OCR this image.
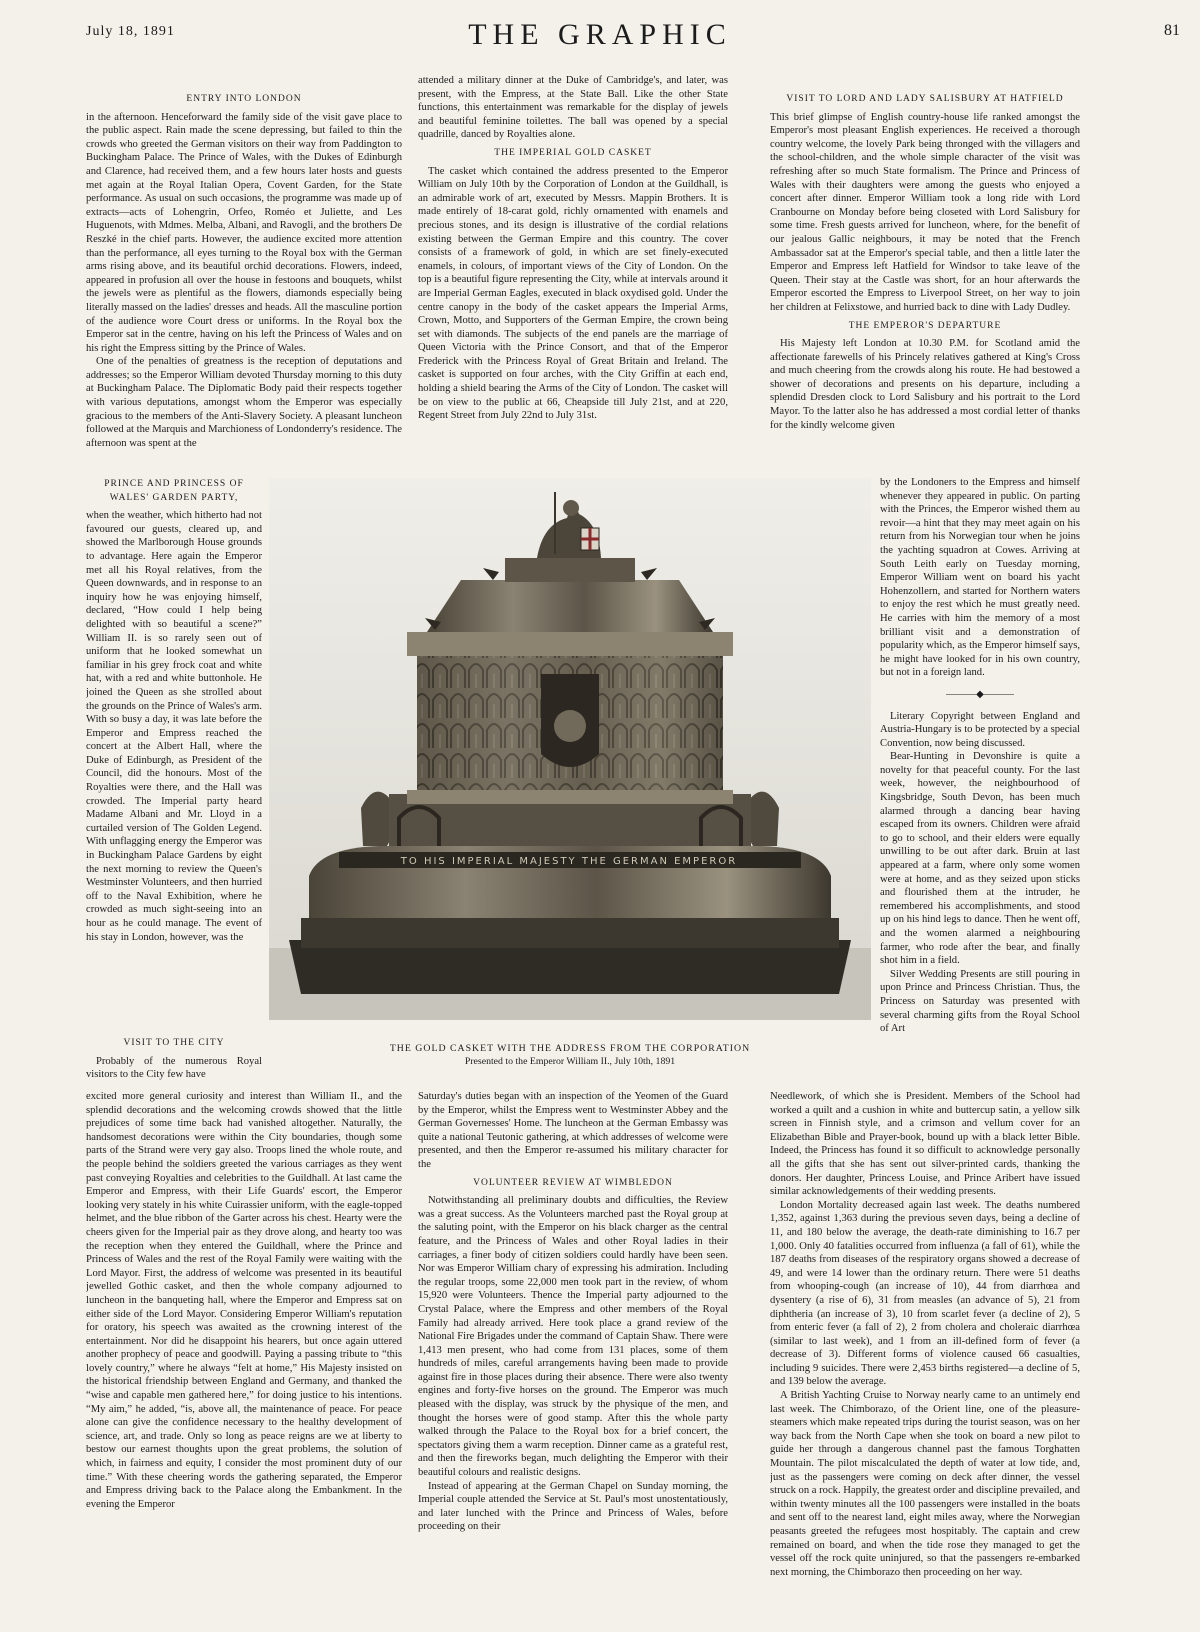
July 18, 1891	THE GRAPHIC	81
ENTRY INTO LONDON

in the afternoon. Henceforward the family side of the visit gave place to the public aspect. Rain made the scene depressing, but failed to thin the crowds who greeted the German visitors on their way from Paddington to Buckingham Palace. The Prince of Wales, with the Dukes of Edinburgh and Clarence, had received them, and a few hours later hosts and guests met again at the Royal Italian Opera, Covent Garden, for the State performance. As usual on such occasions, the programme was made up of extracts—acts of Lohengrin, Orfeo, Roméo et Juliette, and Les Huguenots, with Mdmes. Melba, Albani, and Ravogli, and the brothers De Reszké in the chief parts. However, the audience excited more attention than the performance, all eyes turning to the Royal box with the German arms rising above, and its beautiful orchid decorations. Flowers, indeed, appeared in profusion all over the house in festoons and bouquets, whilst the jewels were as plentiful as the flowers, diamonds especially being literally massed on the ladies' dresses and heads. All the masculine portion of the audience wore Court dress or uniforms. In the Royal box the Emperor sat in the centre, having on his left the Princess of Wales and on his right the Empress sitting by the Prince of Wales.

One of the penalties of greatness is the reception of deputations and addresses; so the Emperor William devoted Thursday morning to this duty at Buckingham Palace. The Diplomatic Body paid their respects together with various deputations, amongst whom the Emperor was especially gracious to the members of the Anti-Slavery Society. A pleasant luncheon followed at the Marquis and Marchioness of Londonderry's residence. The afternoon was spent at the

PRINCE AND PRINCESS OF WALES' GARDEN PARTY,

when the weather, which hitherto had not favoured our guests, cleared up, and showed the Marlborough House grounds to advantage. Here again the Emperor met all his Royal relatives, from the Queen downwards, and in response to an inquiry how he was enjoying himself, declared, “How could I help being delighted with so beautiful a scene?” William II. is so rarely seen out of uniform that he looked somewhat un familiar in his grey frock coat and white hat, with a red and white buttonhole. He joined the Queen as she strolled about the grounds on the Prince of Wales's arm. With so busy a day, it was late before the Emperor and Empress reached the concert at the Albert Hall, where the Duke of Edinburgh, as President of the Council, did the honours. Most of the Royalties were there, and the Hall was crowded. The Imperial party heard Madame Albani and Mr. Lloyd in a curtailed version of The Golden Legend. With unflagging energy the Emperor was in Buckingham Palace Gardens by eight the next morning to review the Queen's Westminster Volunteers, and then hurried off to the Naval Exhibition, where he crowded as much sight-seeing into an hour as he could manage. The event of his stay in London, however, was the

VISIT TO THE CITY

Probably of the numerous Royal visitors to the City few have

excited more general curiosity and interest than William II., and the splendid decorations and the welcoming crowds showed that the little prejudices of some time back had vanished altogether. Naturally, the handsomest decorations were within the City boundaries, though some parts of the Strand were very gay also. Troops lined the whole route, and the people behind the soldiers greeted the various carriages as they went past conveying Royalties and celebrities to the Guildhall. At last came the Emperor and Empress, with their Life Guards' escort, the Emperor looking very stately in his white Cuirassier uniform, with the eagle-topped helmet, and the blue ribbon of the Garter across his chest. Hearty were the cheers given for the Imperial pair as they drove along, and hearty too was the reception when they entered the Guildhall, where the Prince and Princess of Wales and the rest of the Royal Family were waiting with the Lord Mayor. First, the address of welcome was presented in its beautiful jewelled Gothic casket, and then the whole company adjourned to luncheon in the banqueting hall, where the Emperor and Empress sat on either side of the Lord Mayor. Considering Emperor William's reputation for oratory, his speech was awaited as the crowning interest of the entertainment. Nor did he disappoint his hearers, but once again uttered another prophecy of peace and goodwill. Paying a passing tribute to “this lovely country,” where he always “felt at home,” His Majesty insisted on the historical friendship between England and Germany, and thanked the “wise and capable men gathered here,” for doing justice to his intentions. “My aim,” he added, “is, above all, the maintenance of peace. For peace alone can give the confidence necessary to the healthy development of science, art, and trade. Only so long as peace reigns are we at liberty to bestow our earnest thoughts upon the great problems, the solution of which, in fairness and equity, I consider the most prominent duty of our time.” With these cheering words the gathering separated, the Emperor and Empress driving back to the Palace along the Embankment. In the evening the Emperor

attended a military dinner at the Duke of Cambridge's, and later, was present, with the Empress, at the State Ball. Like the other State functions, this entertainment was remarkable for the display of jewels and beautiful feminine toilettes. The ball was opened by a special quadrille, danced by Royalties alone.

THE IMPERIAL GOLD CASKET

The casket which contained the address presented to the Emperor William on July 10th by the Corporation of London at the Guildhall, is an admirable work of art, executed by Messrs. Mappin Brothers. It is made entirely of 18-carat gold, richly ornamented with enamels and precious stones, and its design is illustrative of the cordial relations existing between the German Empire and this country. The cover consists of a framework of gold, in which are set finely-executed enamels, in colours, of important views of the City of London. On the top is a beautiful figure representing the City, while at intervals around it are Imperial German Eagles, executed in black oxydised gold. Under the centre canopy in the body of the casket appears the Imperial Arms, Crown, Motto, and Supporters of the German Empire, the crown being set with diamonds. The subjects of the end panels are the marriage of Queen Victoria with the Prince Consort, and that of the Emperor Frederick with the Princess Royal of Great Britain and Ireland. The casket is supported on four arches, with the City Griffin at each end, holding a shield bearing the Arms of the City of London. The casket will be on view to the public at 66, Cheapside till July 21st, and at 220, Regent Street from July 22nd to July 31st.

TO HIS IMPERIAL MAJESTY THE GERMAN EMPEROR
THE GOLD CASKET WITH THE ADDRESS FROM THE CORPORATION
Presented to the Emperor William II., July 10th, 1891

Saturday's duties began with an inspection of the Yeomen of the Guard by the Emperor, whilst the Empress went to Westminster Abbey and the German Governesses' Home. The luncheon at the German Embassy was quite a national Teutonic gathering, at which addresses of welcome were presented, and then the Emperor re-assumed his military character for the

VOLUNTEER REVIEW AT WIMBLEDON

Notwithstanding all preliminary doubts and difficulties, the Review was a great success. As the Volunteers marched past the Royal group at the saluting point, with the Emperor on his black charger as the central feature, and the Princess of Wales and other Royal ladies in their carriages, a finer body of citizen soldiers could hardly have been seen. Nor was Emperor William chary of expressing his admiration. Including the regular troops, some 22,000 men took part in the review, of whom 15,920 were Volunteers. Thence the Imperial party adjourned to the Crystal Palace, where the Empress and other members of the Royal Family had already arrived. Here took place a grand review of the National Fire Brigades under the command of Captain Shaw. There were 1,413 men present, who had come from 131 places, some of them hundreds of miles, careful arrangements having been made to provide against fire in those places during their absence. There were also twenty engines and forty-five horses on the ground. The Emperor was much pleased with the display, was struck by the physique of the men, and thought the horses were of good stamp. After this the whole party walked through the Palace to the Royal box for a brief concert, the spectators giving them a warm reception. Dinner came as a grateful rest, and then the fireworks began, much delighting the Emperor with their beautiful colours and realistic designs.

Instead of appearing at the German Chapel on Sunday morning, the Imperial couple attended the Service at St. Paul's most unostentatiously, and later lunched with the Prince and Princess of Wales, before proceeding on their

VISIT TO LORD AND LADY SALISBURY AT HATFIELD

This brief glimpse of English country-house life ranked amongst the Emperor's most pleasant English experiences. He received a thorough country welcome, the lovely Park being thronged with the villagers and the school-children, and the whole simple character of the visit was refreshing after so much State formalism. The Prince and Princess of Wales with their daughters were among the guests who enjoyed a concert after dinner. Emperor William took a long ride with Lord Cranbourne on Monday before being closeted with Lord Salisbury for some time. Fresh guests arrived for luncheon, where, for the benefit of our jealous Gallic neighbours, it may be noted that the French Ambassador sat at the Emperor's special table, and then a little later the Emperor and Empress left Hatfield for Windsor to take leave of the Queen. Their stay at the Castle was short, for an hour afterwards the Emperor escorted the Empress to Liverpool Street, on her way to join her children at Felixstowe, and hurried back to dine with Lady Dudley.

THE EMPEROR'S DEPARTURE

His Majesty left London at 10.30 P.M. for Scotland amid the affectionate farewells of his Princely relatives gathered at King's Cross and much cheering from the crowds along his route. He had bestowed a shower of decorations and presents on his departure, including a splendid Dresden clock to Lord Salisbury and his portrait to the Lord Mayor. To the latter also he has addressed a most cordial letter of thanks for the kindly welcome given

by the Londoners to the Empress and himself whenever they appeared in public. On parting with the Princes, the Emperor wished them au revoir—a hint that they may meet again on his return from his Norwegian tour when he joins the yachting squadron at Cowes. Arriving at South Leith early on Tuesday morning, Emperor William went on board his yacht Hohenzollern, and started for Northern waters to enjoy the rest which he must greatly need. He carries with him the memory of a most brilliant visit and a demonstration of popularity which, as the Emperor himself says, he might have looked for in his own country, but not in a foreign land.

———◆———

Literary Copyright between England and Austria-Hungary is to be protected by a special Convention, now being discussed.

Bear-Hunting in Devonshire is quite a novelty for that peaceful county. For the last week, however, the neighbourhood of Kingsbridge, South Devon, has been much alarmed through a dancing bear having escaped from its owners. Children were afraid to go to school, and their elders were equally unwilling to be out after dark. Bruin at last appeared at a farm, where only some women were at home, and as they seized upon sticks and flourished them at the intruder, he remembered his accomplishments, and stood up on his hind legs to dance. Then he went off, and the women alarmed a neighbouring farmer, who rode after the bear, and finally shot him in a field.

Silver Wedding Presents are still pouring in upon Prince and Princess Christian. Thus, the Princess on Saturday was presented with several charming gifts from the Royal School of Art

Needlework, of which she is President. Members of the School had worked a quilt and a cushion in white and buttercup satin, a yellow silk screen in Finnish style, and a crimson and vellum cover for an Elizabethan Bible and Prayer-book, bound up with a black letter Bible. Indeed, the Princess has found it so difficult to acknowledge personally all the gifts that she has sent out silver-printed cards, thanking the donors. Her daughter, Princess Louise, and Prince Aribert have issued similar acknowledgements of their wedding presents.

London Mortality decreased again last week. The deaths numbered 1,352, against 1,363 during the previous seven days, being a decline of 11, and 180 below the average, the death-rate diminishing to 16.7 per 1,000. Only 40 fatalities occurred from influenza (a fall of 61), while the 187 deaths from diseases of the respiratory organs showed a decrease of 49, and were 14 lower than the ordinary return. There were 51 deaths from whooping-cough (an increase of 10), 44 from diarrhœa and dysentery (a rise of 6), 31 from measles (an advance of 5), 21 from diphtheria (an increase of 3), 10 from scarlet fever (a decline of 2), 5 from enteric fever (a fall of 2), 2 from cholera and choleraic diarrhœa (similar to last week), and 1 from an ill-defined form of fever (a decrease of 3). Different forms of violence caused 66 casualties, including 9 suicides. There were 2,453 births registered—a decline of 5, and 139 below the average.

A British Yachting Cruise to Norway nearly came to an untimely end last week. The Chimborazo, of the Orient line, one of the pleasure-steamers which make repeated trips during the tourist season, was on her way back from the North Cape when she took on board a new pilot to guide her through a dangerous channel past the famous Torghatten Mountain. The pilot miscalculated the depth of water at low tide, and, just as the passengers were coming on deck after dinner, the vessel struck on a rock. Happily, the greatest order and discipline prevailed, and within twenty minutes all the 100 passengers were installed in the boats and sent off to the nearest land, eight miles away, where the Norwegian peasants greeted the refugees most hospitably. The captain and crew remained on board, and when the tide rose they managed to get the vessel off the rock quite uninjured, so that the passengers re-embarked next morning, the Chimborazo then proceeding on her way.
